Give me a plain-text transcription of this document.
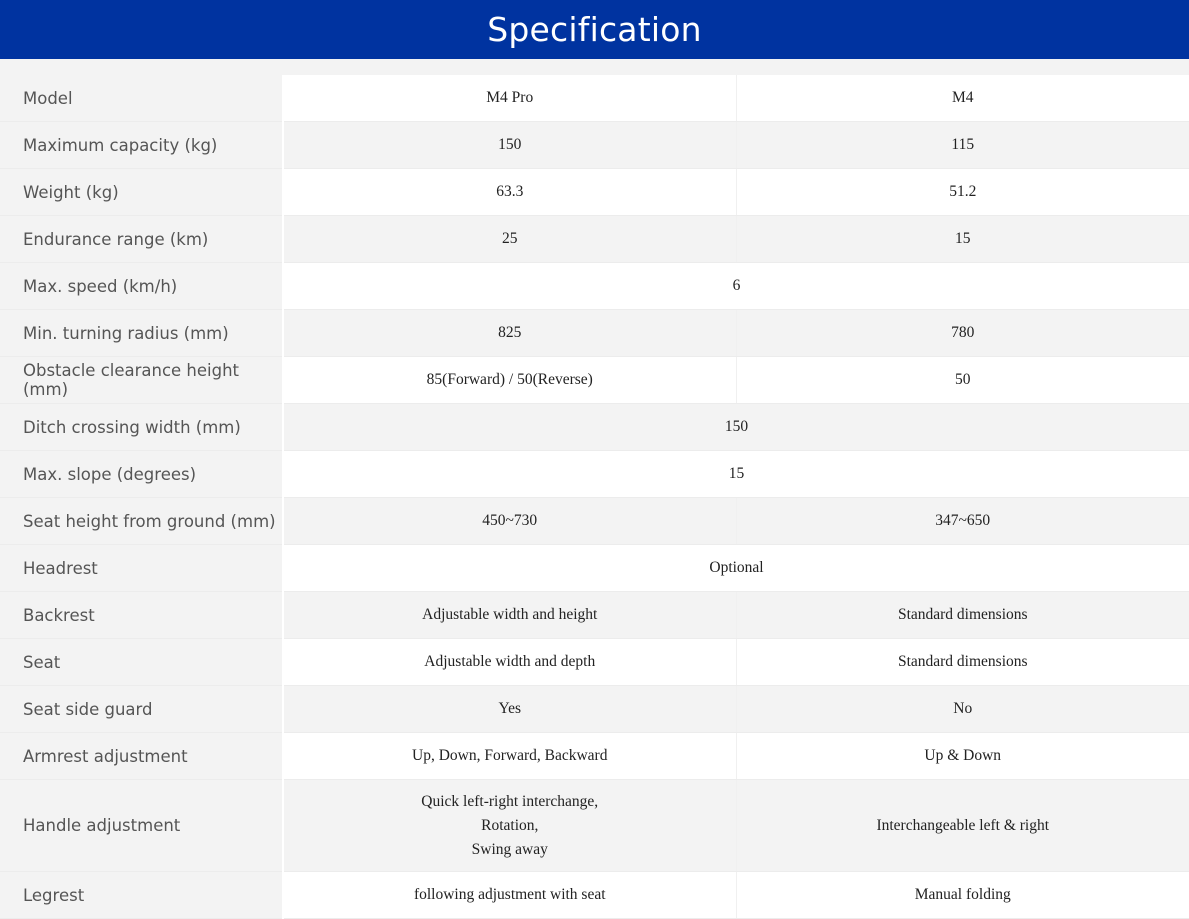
Specification
Model	M4 Pro	M4
Maximum capacity (kg)	150	115
Weight (kg)	63.3	51.2
Endurance range (km)	25	15
Max. speed (km/h)	6	
Min. turning radius (mm)	825	780
Obstacle clearance height (mm)	85(Forward) / 50(Reverse)	50
Ditch crossing width (mm)	150	
Max. slope (degrees)	15	
Seat height from ground (mm)	450~730	347~650
Headrest	Optional	
Backrest	Adjustable width and height	Standard dimensions
Seat	Adjustable width and depth	Standard dimensions
Seat side guard	Yes	No
Armrest adjustment	Up, Down, Forward, Backward	Up & Down
Handle adjustment	Quick left-right interchange,
Rotation,
Swing away	Interchangeable left & right
Legrest	following adjustment with seat	Manual folding
